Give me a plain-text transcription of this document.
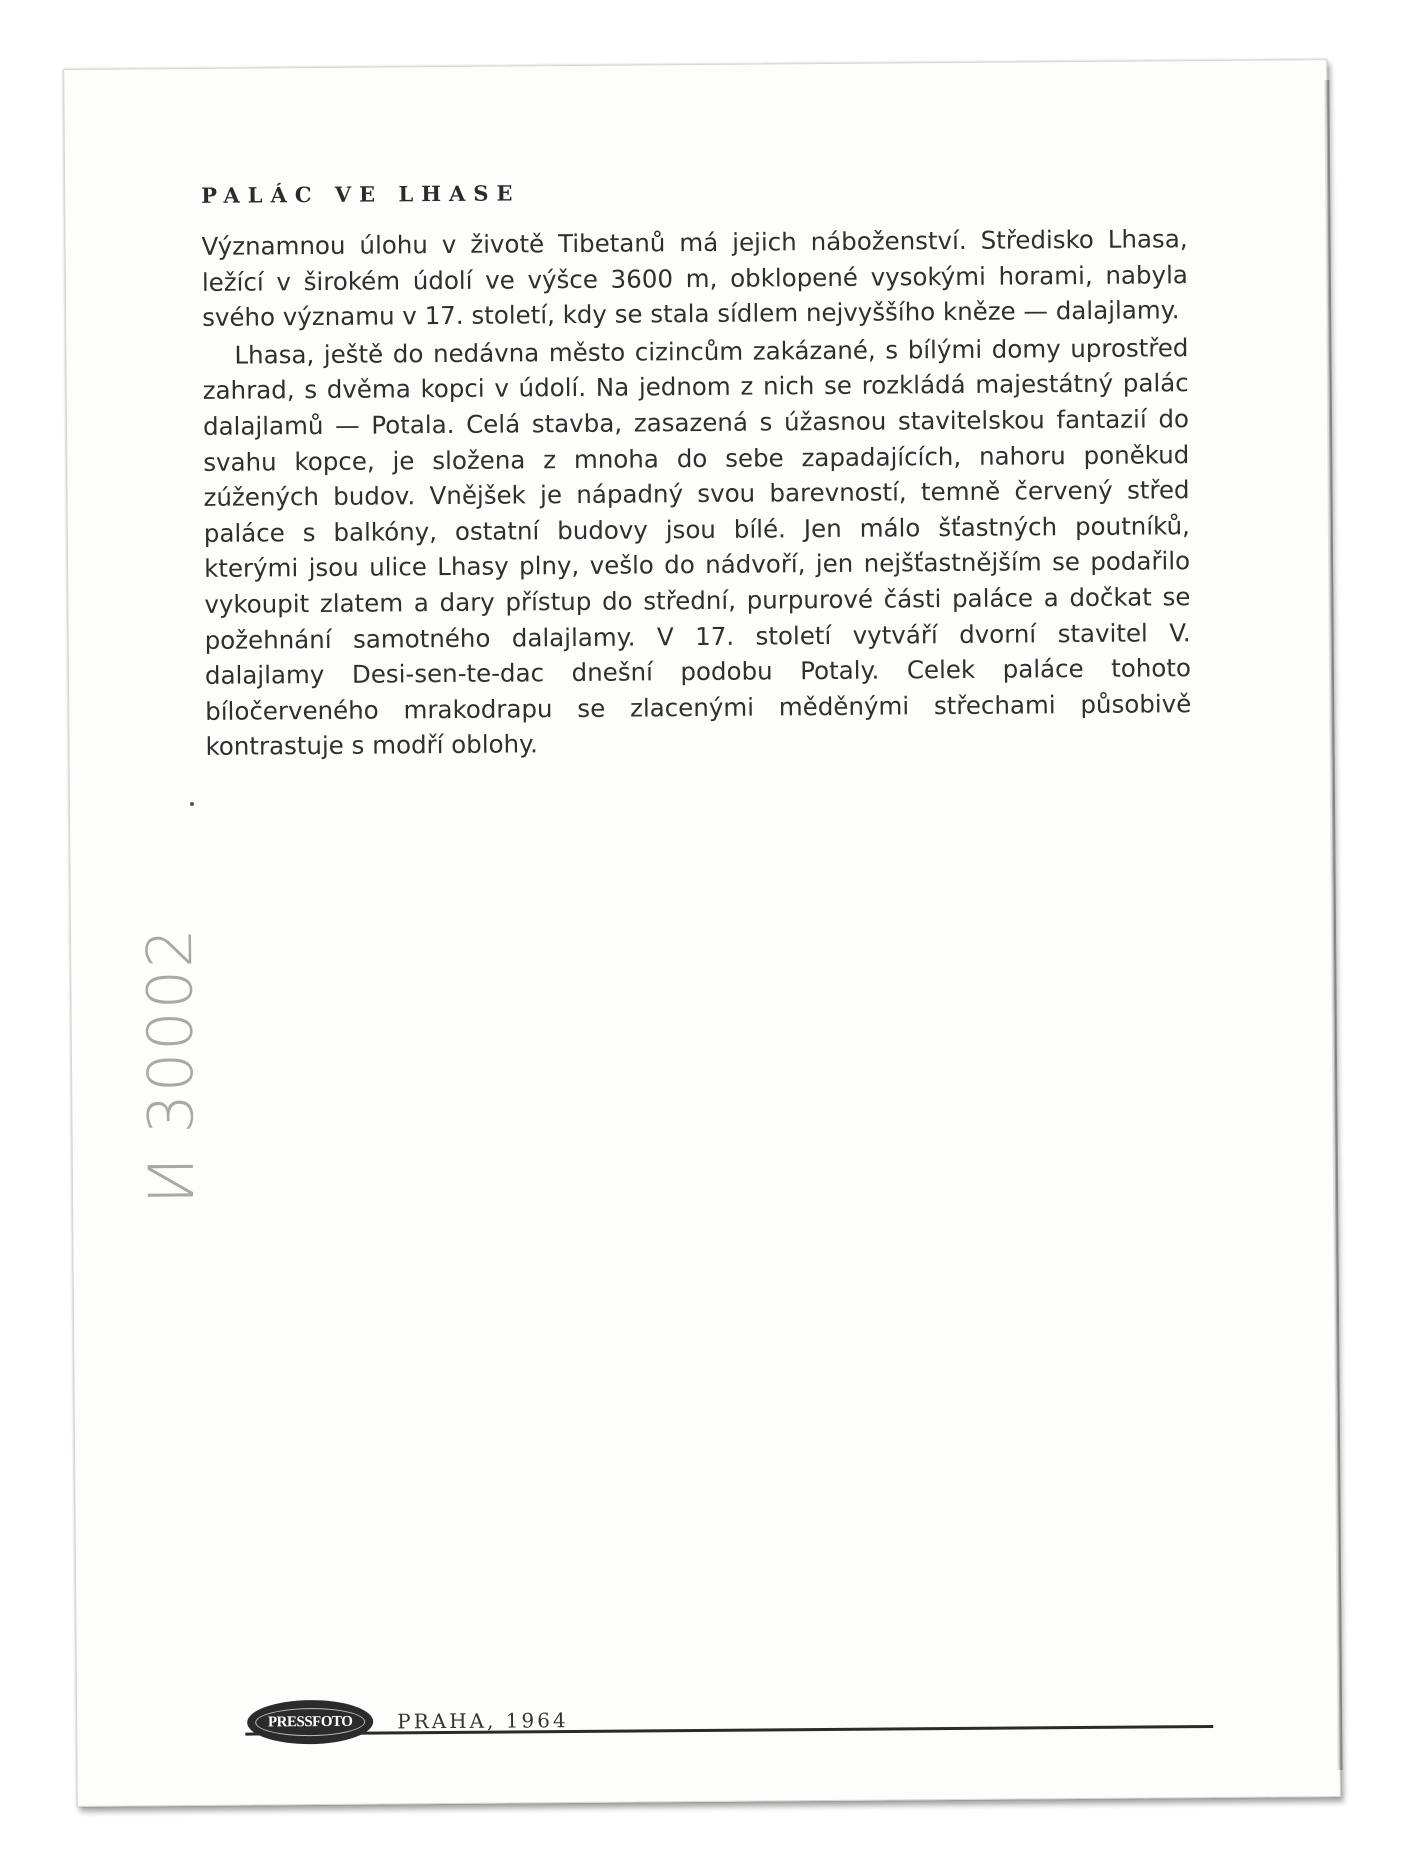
PALÁC VE LHASE

Významnou úlohu v životě Tibetanů má jejich náboženství. Středisko Lhasa, ležící v širokém údolí ve výšce 3600 m, obklopené vysokými horami, nabyla svého významu v 17. století, kdy se stala sídlem nejvyššího kněze — dalajlamy.

Lhasa, ještě do nedávna město cizincům zakázané, s bílými domy uprostřed zahrad, s dvěma kopci v údolí. Na jednom z nich se rozkládá majestátný palác dalajlamů — Potala. Celá stavba, zasazená s úžasnou stavitelskou fantazií do svahu kopce, je složena z mnoha do sebe zapadajících, nahoru poněkud zúžených budov. Vnějšek je nápadný svou barevností, temně červený střed paláce s balkóny, ostatní budovy jsou bílé. Jen málo šťastných poutníků, kterými jsou ulice Lhasy plny, vešlo do nádvoří, jen nejšťastnějším se podařilo vykoupit zlatem a dary přístup do střední, purpurové části paláce a dočkat se požehnání samotného dalajlamy. V 17. století vytváří dvorní stavitel V. dalajlamy Desi-sen-te-dac dnešní podobu Potaly. Celek paláce tohoto bíločerveného mrakodrapu se zlacenými měděnými střechami působivě kontrastuje s modří oblohy.

И 30002
PRESSFOTO PRAHA, 1964
